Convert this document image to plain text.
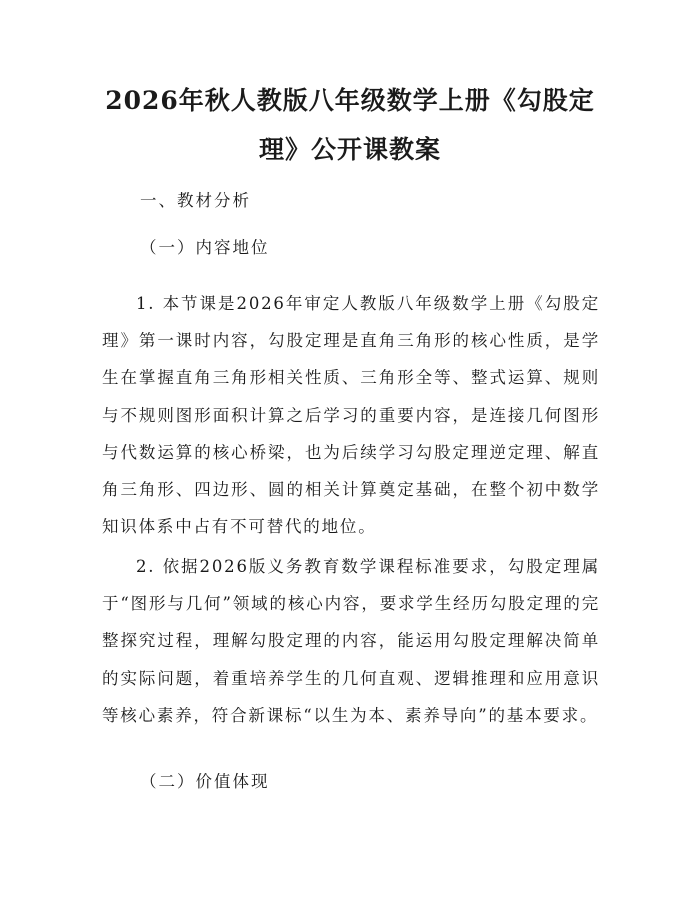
2026年秋人教版八年级数学上册《勾股定
理》公开课教案

一、教材分析

（一）内容地位

1. 本节课是2026年审定人教版八年级数学上册《勾股定理》第一课时内容，勾股定理是直角三角形的核心性质，是学生在掌握直角三角形相关性质、三角形全等、整式运算、规则与不规则图形面积计算之后学习的重要内容，是连接几何图形与代数运算的核心桥梁，也为后续学习勾股定理逆定理、解直角三角形、四边形、圆的相关计算奠定基础，在整个初中数学知识体系中占有不可替代的地位。

2. 依据2026版义务教育数学课程标准要求，勾股定理属于“图形与几何”领域的核心内容，要求学生经历勾股定理的完整探究过程，理解勾股定理的内容，能运用勾股定理解决简单的实际问题，着重培养学生的几何直观、逻辑推理和应用意识等核心素养，符合新课标“以生为本、素养导向”的基本要求。

（二）价值体现
